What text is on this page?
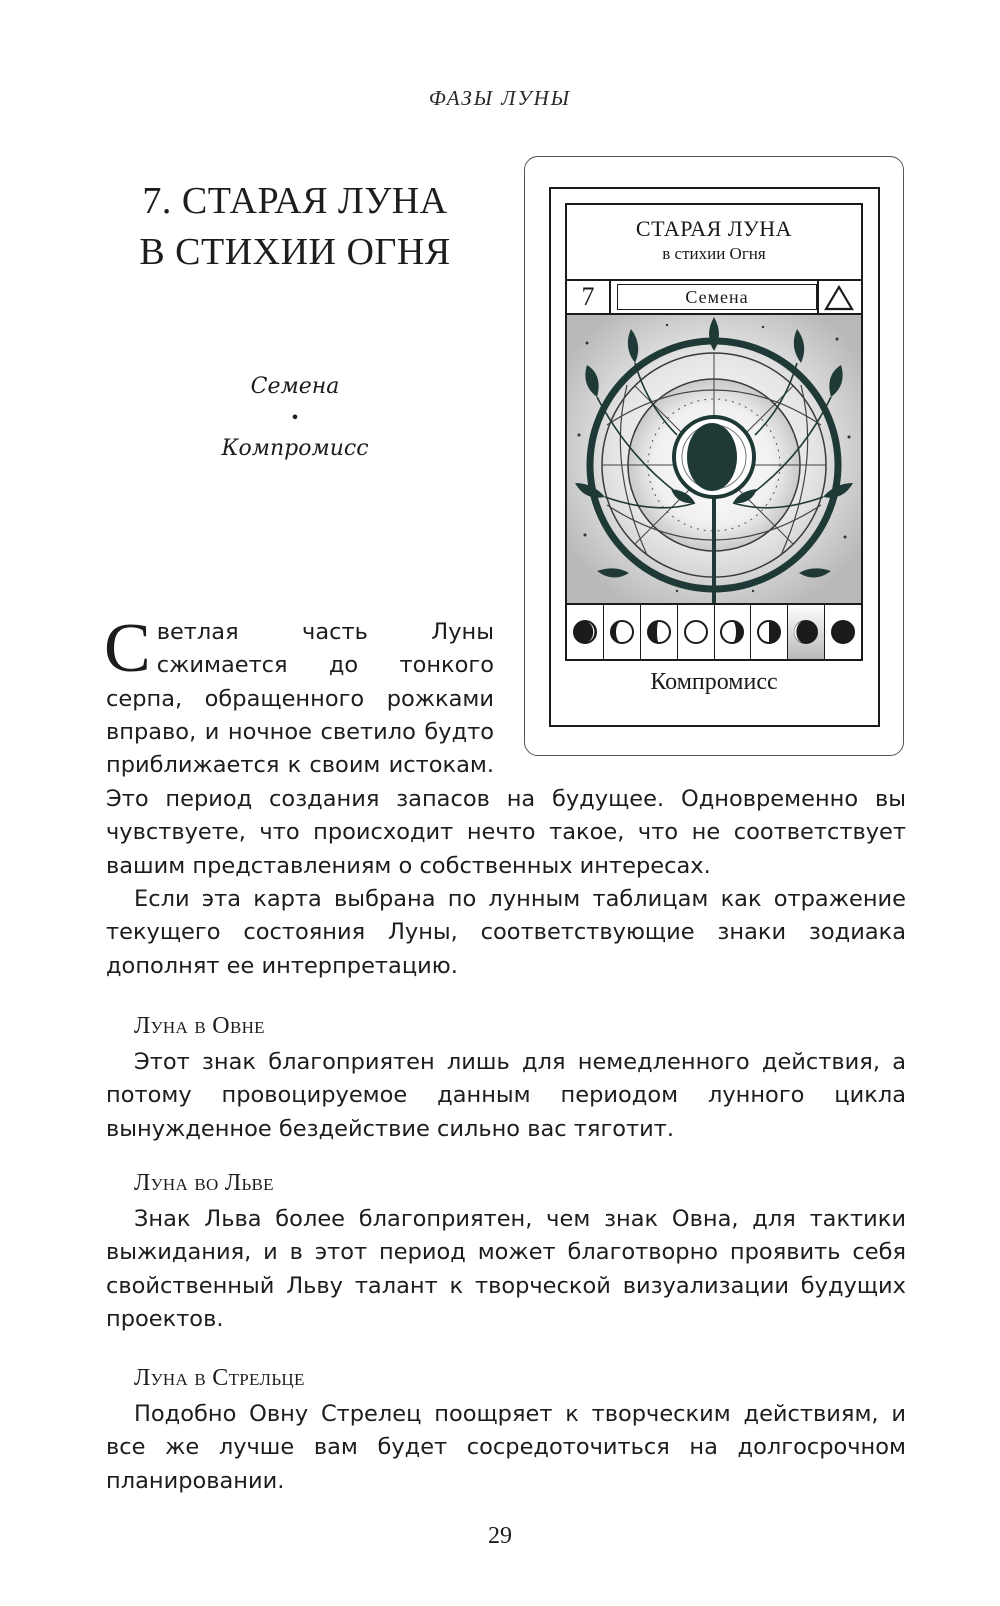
ФАЗЫ ЛУНЫ
7. СТАРАЯ ЛУНА
В СТИХИИ ОГНЯ
Семена
•
Компромисс
СТАРАЯ ЛУНА
в стихии Огня
7	Семена
Компромисс
Светлая часть Луны сжимается до тонкого серпа, обращенного рожками вправо, и ночное светило будто приближается к своим истокам.
Это период создания запасов на будущее. Одновременно вы чувствуете, что происходит нечто такое, что не соответствует вашим представлениям о собственных интересах.
Если эта карта выбрана по лунным таблицам как отражение текущего состояния Луны, соответствующие знаки зодиака дополнят ее интерпретацию.
Луна в Овне
Этот знак благоприятен лишь для немедленного действия, а потому провоцируемое данным периодом лунного цикла вынужденное бездействие сильно вас тяготит.
Луна во Льве
Знак Льва более благоприятен, чем знак Овна, для тактики выжидания, и в этот период может благотворно проявить себя свойственный Льву талант к творческой визуализации будущих проектов.
Луна в Стрельце
Подобно Овну Стрелец поощряет к творческим действиям, и все же лучше вам будет сосредоточиться на долгосрочном планировании.
29
